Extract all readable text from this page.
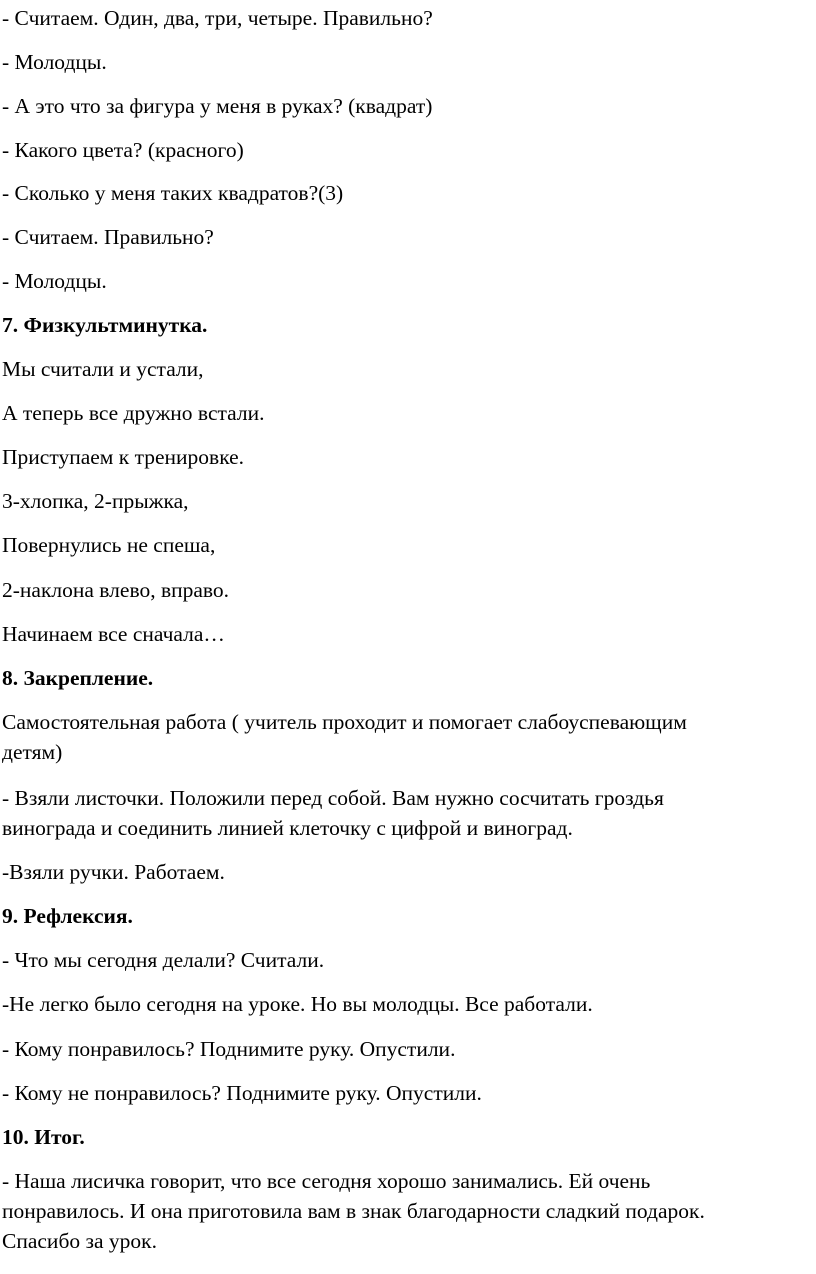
- Считаем. Один, два, три, четыре. Правильно?

- Молодцы.

- А это что за фигура у меня в руках? (квадрат)

- Какого цвета? (красного)

- Сколько у меня таких квадратов?(3)

- Считаем. Правильно?

- Молодцы.

7. Физкультминутка.

Мы считали и устали,

А теперь все дружно встали.

Приступаем к тренировке.

3-хлопка, 2-прыжка,

Повернулись не спеша,

2-наклона влево, вправо.

Начинаем все сначала…

8. Закрепление.

Самостоятельная работа ( учитель проходит и помогает слабоуспевающим

детям)

- Взяли листочки. Положили перед собой. Вам нужно сосчитать гроздья

винограда и соединить линией клеточку с цифрой и виноград.

-Взяли ручки. Работаем.

9. Рефлексия.

- Что мы сегодня делали? Считали.

-Не легко было сегодня на уроке. Но вы молодцы. Все работали.

- Кому понравилось? Поднимите руку. Опустили.

- Кому не понравилось? Поднимите руку. Опустили.

10. Итог.

- Наша лисичка говорит, что все сегодня хорошо занимались. Ей очень

понравилось. И она приготовила вам в знак благодарности сладкий подарок.

Спасибо за урок.
